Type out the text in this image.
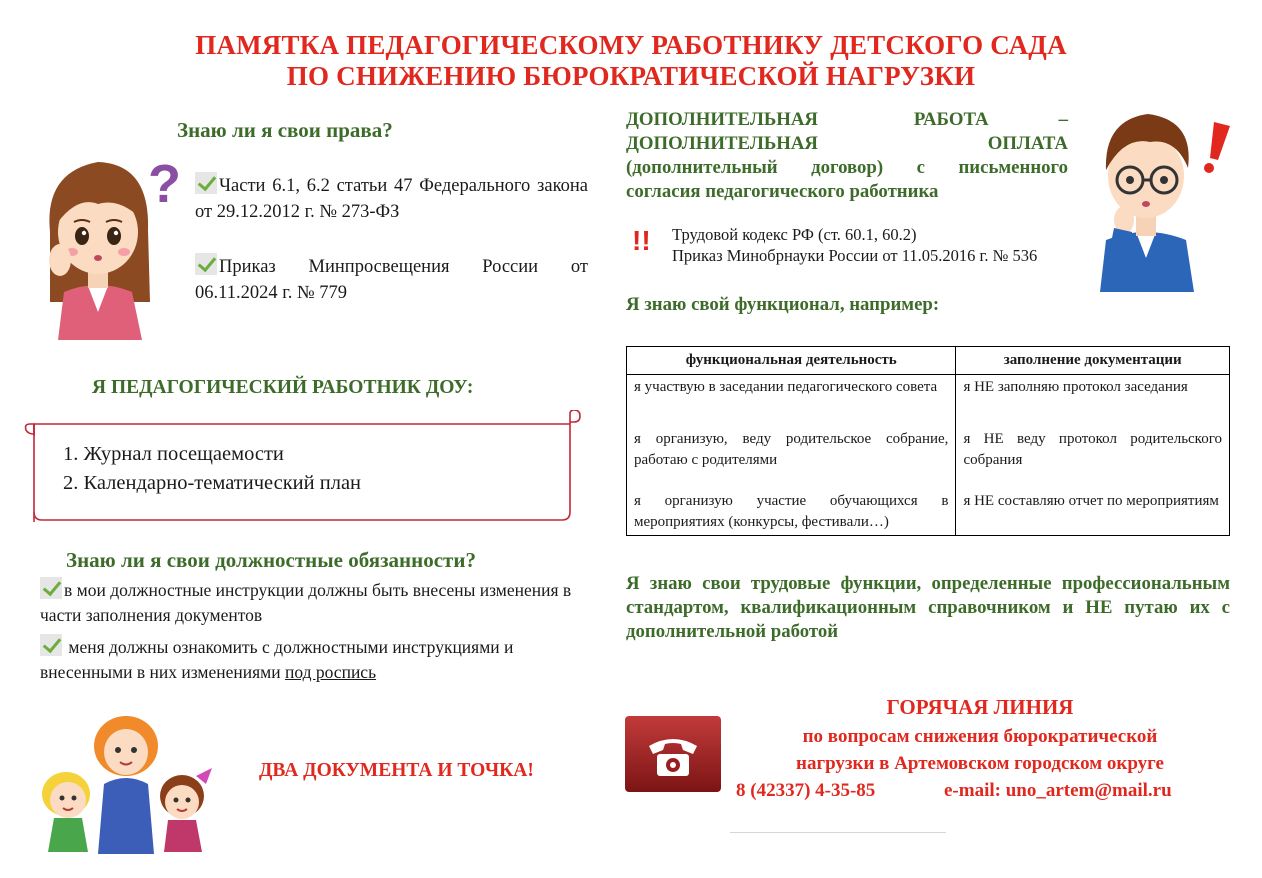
ПАМЯТКА ПЕДАГОГИЧЕСКОМУ РАБОТНИКУ ДЕТСКОГО САДА
ПО СНИЖЕНИЮ БЮРОКРАТИЧЕСКОЙ НАГРУЗКИ
?
Знаю ли я свои права?
Части 6.1, 6.2 статьи 47 Федерального закона от 29.12.2012 г. № 273-ФЗ
Приказ Минпросвещения России от 06.11.2024 г. № 779
Я ПЕДАГОГИЧЕСКИЙ РАБОТНИК ДОУ:
1. Журнал посещаемости
2. Календарно-тематический план
Знаю ли я свои должностные обязанности?
в мои должностные инструкции должны быть внесены изменения в части заполнения документов
меня должны ознакомить с должностными инструкциями и внесенными в них изменениями под роспись
ДВА ДОКУМЕНТА И ТОЧКА!
ДОПОЛНИТЕЛЬНАЯ	РАБОТА	–
ДОПОЛНИТЕЛЬНАЯ	ОПЛАТА
(дополнительный договор) с письменного
согласия педагогического работника
!! Трудовой кодекс РФ (ст. 60.1, 60.2)
Приказ Минобрнауки России от 11.05.2016 г. № 536
Я знаю свой функционал, например:
функциональная деятельность	заполнение документации
я участвую в заседании педагогического совета	я НЕ заполняю протокол заседания
я организую, веду родительское собрание, работаю с родителями	я НЕ веду протокол родительского собрания
я организую участие обучающихся в мероприятиях (конкурсы, фестивали…)	я НЕ составляю отчет по мероприятиям
Я знаю свои трудовые функции, определенные профессиональным стандартом, квалификационным справочником и НЕ путаю их с дополнительной работой
ГОРЯЧАЯ ЛИНИЯ
по вопросам снижения бюрократической
нагрузки в Артемовском городском округе
8 (42337) 4-35-85	e-mail: uno_artem@mail.ru
